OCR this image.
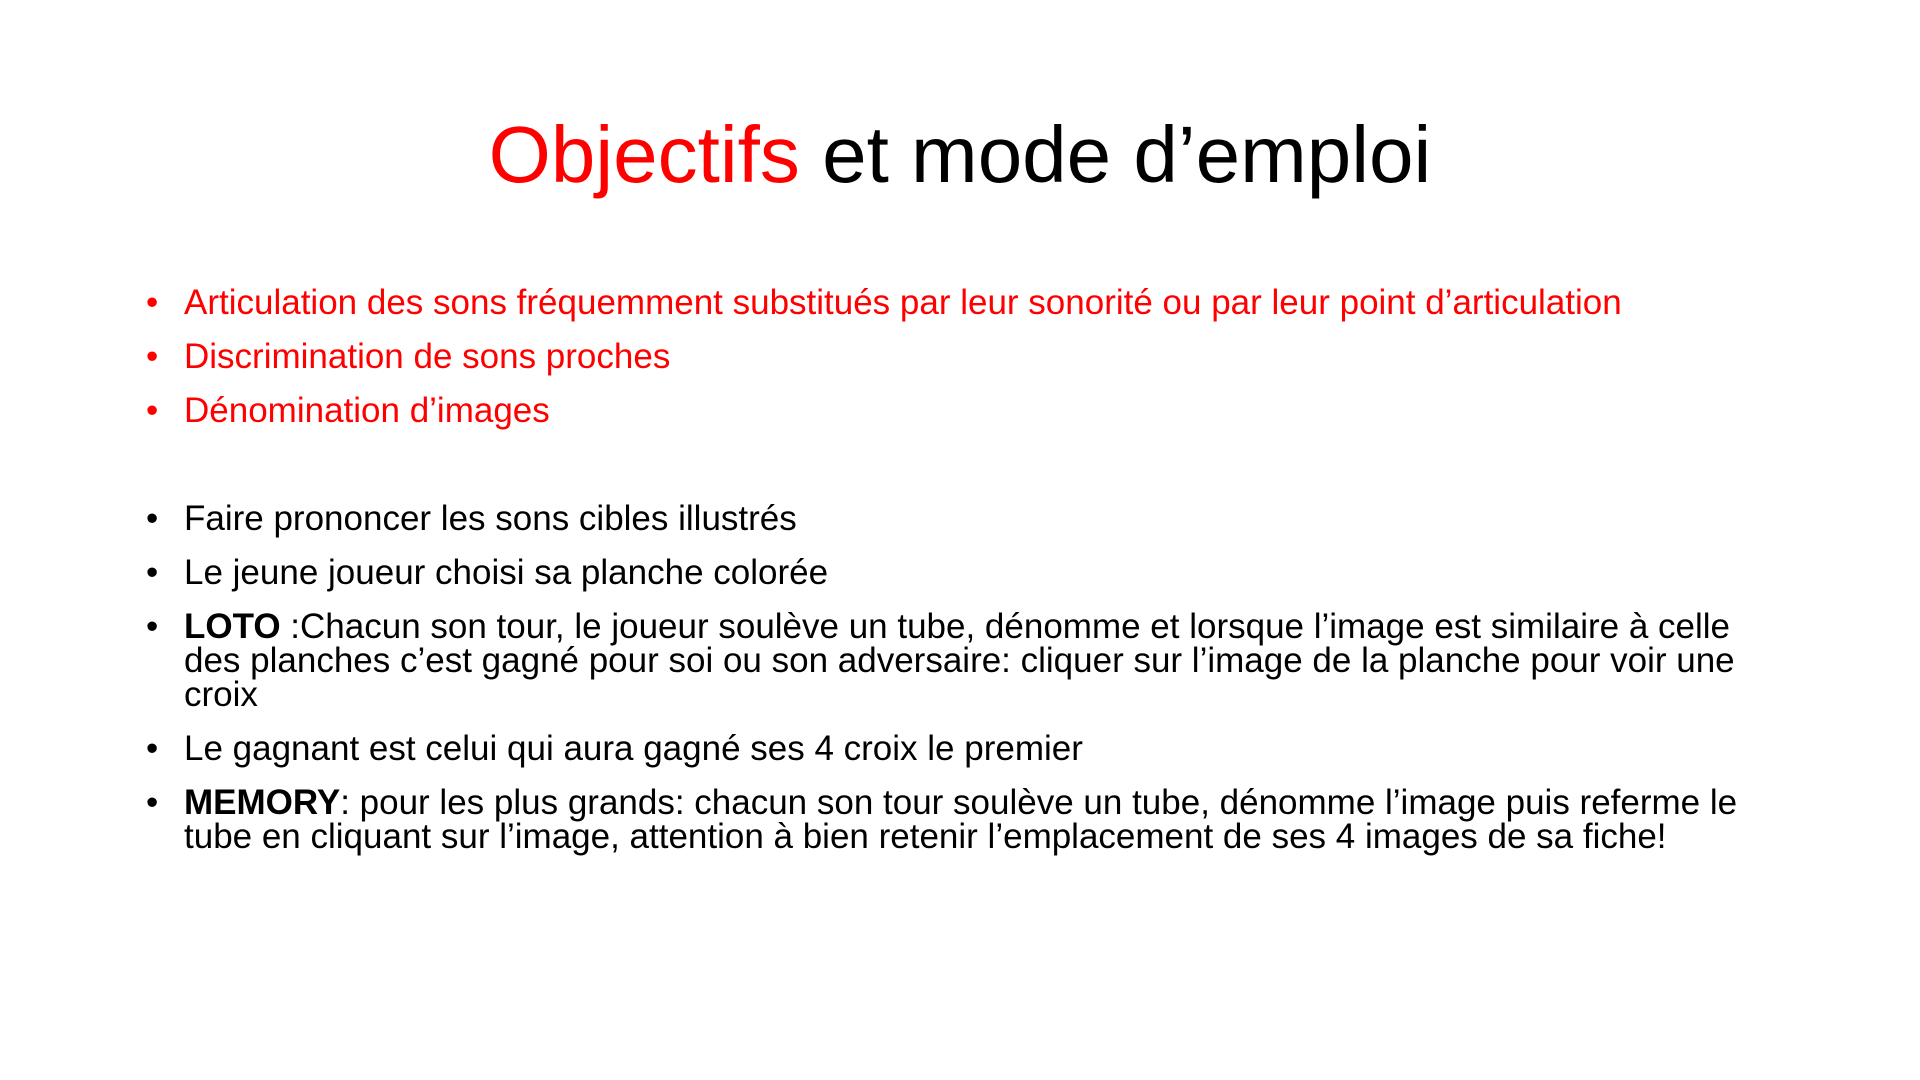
Objectifs et mode d’emploi
• Articulation des sons fréquemment substitués par leur sonorité ou par leur point d’articulation
• Discrimination de sons proches
• Dénomination d’images
• Faire prononcer les sons cibles illustrés
• Le jeune joueur choisi sa planche colorée
• LOTO :Chacun son tour, le joueur soulève un tube, dénomme et lorsque l’image est similaire à celle des planches c’est gagné pour soi ou son adversaire: cliquer sur l’image de la planche pour voir une croix
• Le gagnant est celui qui aura gagné ses 4 croix le premier
• MEMORY: pour les plus grands: chacun son tour soulève un tube, dénomme l’image puis referme le tube en cliquant sur l’image, attention à bien retenir l’emplacement de ses 4 images de sa fiche!
